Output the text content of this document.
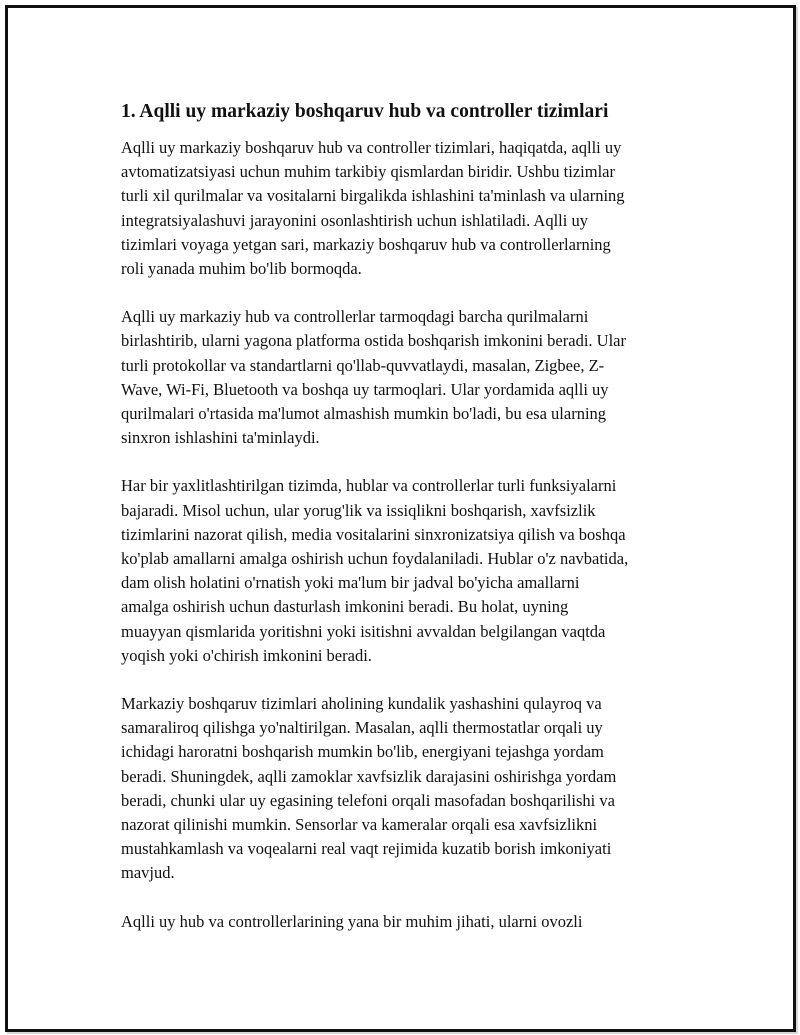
1. Aqlli uy markaziy boshqaruv hub va controller tizimlari

Aqlli uy markaziy boshqaruv hub va controller tizimlari, haqiqatda, aqlli uy
avtomatizatsiyasi uchun muhim tarkibiy qismlardan biridir. Ushbu tizimlar
turli xil qurilmalar va vositalarni birgalikda ishlashini ta'minlash va ularning
integratsiyalashuvi jarayonini osonlashtirish uchun ishlatiladi. Aqlli uy
tizimlari voyaga yetgan sari, markaziy boshqaruv hub va controllerlarning
roli yanada muhim bo'lib bormoqda.

Aqlli uy markaziy hub va controllerlar tarmoqdagi barcha qurilmalarni
birlashtirib, ularni yagona platforma ostida boshqarish imkonini beradi. Ular
turli protokollar va standartlarni qo'llab-quvvatlaydi, masalan, Zigbee, Z-
Wave, Wi-Fi, Bluetooth va boshqa uy tarmoqlari. Ular yordamida aqlli uy
qurilmalari o'rtasida ma'lumot almashish mumkin bo'ladi, bu esa ularning
sinxron ishlashini ta'minlaydi.

Har bir yaxlitlashtirilgan tizimda, hublar va controllerlar turli funksiyalarni
bajaradi. Misol uchun, ular yorug'lik va issiqlikni boshqarish, xavfsizlik
tizimlarini nazorat qilish, media vositalarini sinxronizatsiya qilish va boshqa
ko'plab amallarni amalga oshirish uchun foydalaniladi. Hublar o'z navbatida,
dam olish holatini o'rnatish yoki ma'lum bir jadval bo'yicha amallarni
amalga oshirish uchun dasturlash imkonini beradi. Bu holat, uyning
muayyan qismlarida yoritishni yoki isitishni avvaldan belgilangan vaqtda
yoqish yoki o'chirish imkonini beradi.

Markaziy boshqaruv tizimlari aholining kundalik yashashini qulayroq va
samaraliroq qilishga yo'naltirilgan. Masalan, aqlli thermostatlar orqali uy
ichidagi haroratni boshqarish mumkin bo'lib, energiyani tejashga yordam
beradi. Shuningdek, aqlli zamoklar xavfsizlik darajasini oshirishga yordam
beradi, chunki ular uy egasining telefoni orqali masofadan boshqarilishi va
nazorat qilinishi mumkin. Sensorlar va kameralar orqali esa xavfsizlikni
mustahkamlash va voqealarni real vaqt rejimida kuzatib borish imkoniyati
mavjud.

Aqlli uy hub va controllerlarining yana bir muhim jihati, ularni ovozli
